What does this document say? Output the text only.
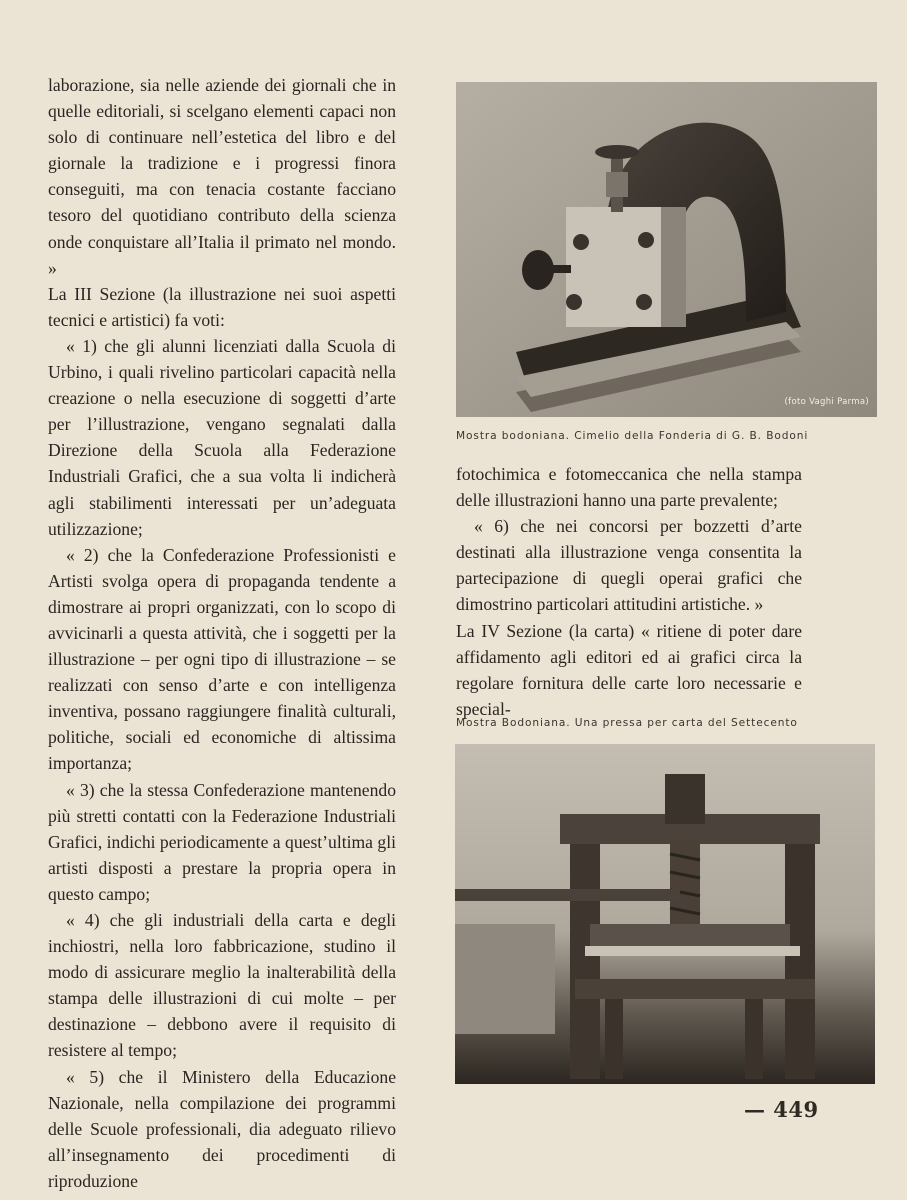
laborazione, sia nelle aziende dei giornali che in quelle editoriali, si scelgano elementi capaci non solo di continuare nell’estetica del libro e del giornale la tradizione e i progressi finora conseguiti, ma con tenacia costante facciano tesoro del quotidiano contributo della scienza onde conquistare all’Italia il primato nel mondo. »

La III Sezione (la illustrazione nei suoi aspetti tecnici e artistici) fa voti:

« 1) che gli alunni licenziati dalla Scuola di Urbino, i quali rivelino particolari capacità nella creazione o nella esecuzione di soggetti d’arte per l’illustrazione, vengano segnalati dalla Direzione della Scuola alla Federazione Industriali Grafici, che a sua volta li indicherà agli stabilimenti interessati per un’adeguata utilizzazione;

« 2) che la Confederazione Professionisti e Artisti svolga opera di propaganda tendente a dimostrare ai propri organizzati, con lo scopo di avvicinarli a questa attività, che i soggetti per la illustrazione – per ogni tipo di illustrazione – se realizzati con senso d’arte e con intelligenza inventiva, possano raggiungere finalità culturali, politiche, sociali ed economiche di altissima importanza;

« 3) che la stessa Confederazione mantenendo più stretti contatti con la Federazione Industriali Grafici, indichi periodicamente a quest’ultima gli artisti disposti a prestare la propria opera in questo campo;

« 4) che gli industriali della carta e degli inchiostri, nella loro fabbricazione, studino il modo di assicurare meglio la inalterabilità della stampa delle illustrazioni di cui molte – per destinazione – debbono avere il requisito di resistere al tempo;

« 5) che il Ministero della Educazione Nazionale, nella compilazione dei programmi delle Scuole professionali, dia adeguato rilievo all’insegnamento dei procedimenti di riproduzione

(foto Vaghi Parma)
Mostra bodoniana. Cimelio della Fonderia di G. B. Bodoni

fotochimica e fotomeccanica che nella stampa delle illustrazioni hanno una parte prevalente;

« 6) che nei concorsi per bozzetti d’arte destinati alla illustrazione venga consentita la partecipazione di quegli operai grafici che dimostrino particolari attitudini artistiche. »

La IV Sezione (la carta) « ritiene di poter dare affidamento agli editori ed ai grafici circa la regolare fornitura delle carte loro necessarie e special-

Mostra Bodoniana. Una pressa per carta del Settecento
— 449
